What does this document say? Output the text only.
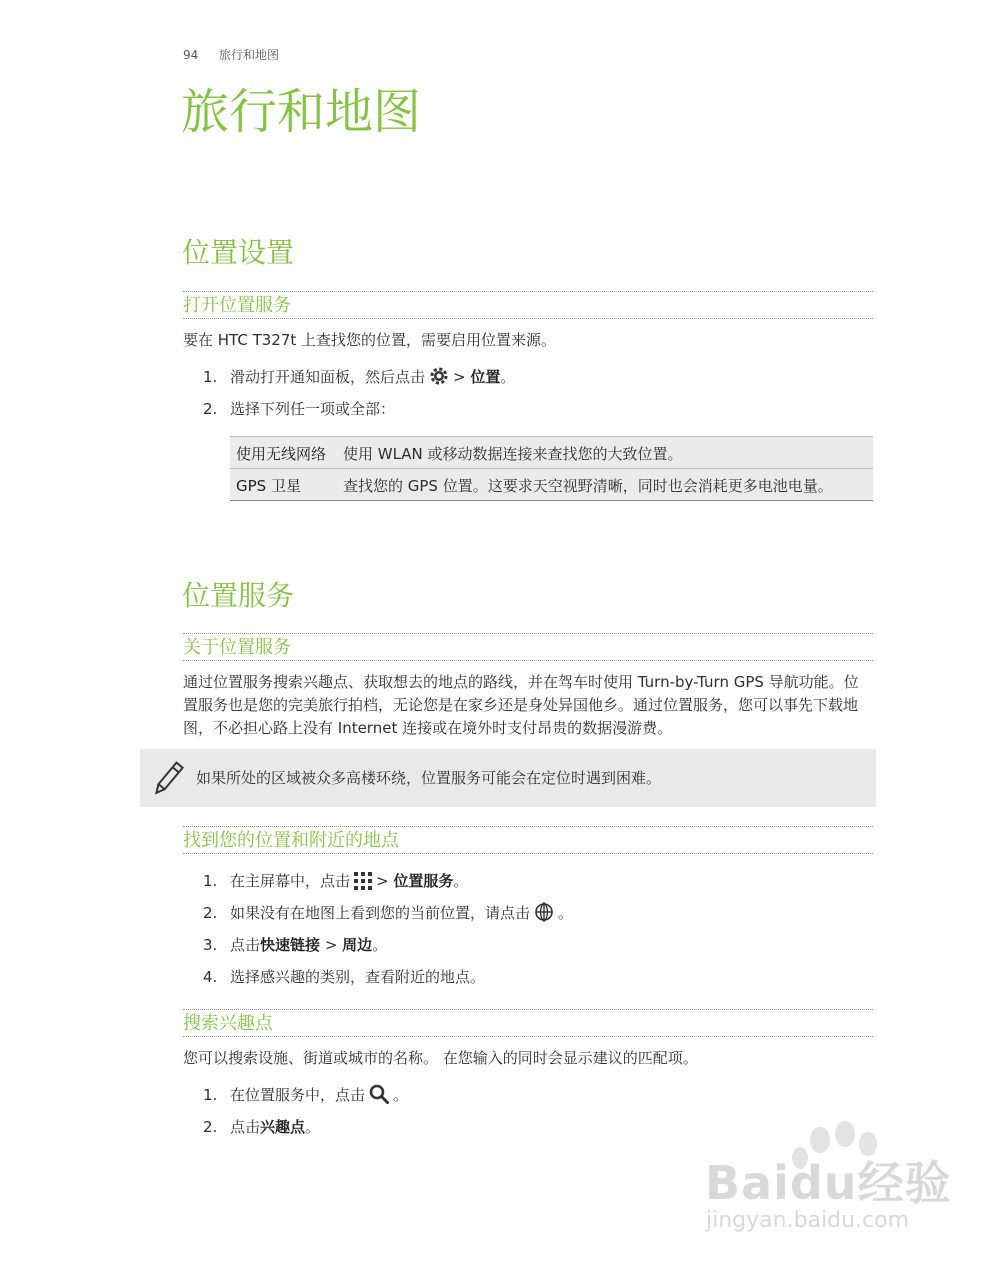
94 旅行和地图
旅行和地图
位置设置
打开位置服务

要在 HTC T327t 上查找您的位置，需要启用位置来源。

1. 滑动打开通知面板，然后点击 > 位置。
2. 选择下列任一项或全部：
使用无线网络	使用 WLAN 或移动数据连接来查找您的大致位置。
GPS 卫星	查找您的 GPS 位置。这要求天空视野清晰，同时也会消耗更多电池电量。
位置服务
关于位置服务

通过位置服务搜索兴趣点、获取想去的地点的路线，并在驾车时使用 Turn-by-Turn GPS 导航功能。位置服务也是您的完美旅行拍档，无论您是在家乡还是身处异国他乡。通过位置服务，您可以事先下载地图，不必担心路上没有 Internet 连接或在境外时支付昂贵的数据漫游费。

如果所处的区域被众多高楼环绕，位置服务可能会在定位时遇到困难。
找到您的位置和附近的地点
1. 在主屏幕中，点击 > 位置服务。
2. 如果没有在地图上看到您的当前位置，请点击 。
3. 点击快速链接 > 周边。
4. 选择感兴趣的类别，查看附近的地点。
搜索兴趣点

您可以搜索设施、街道或城市的名称。 在您输入的同时会显示建议的匹配项。

1. 在位置服务中，点击 。
2. 点击兴趣点。
Baidu经验
jingyan.baidu.com
